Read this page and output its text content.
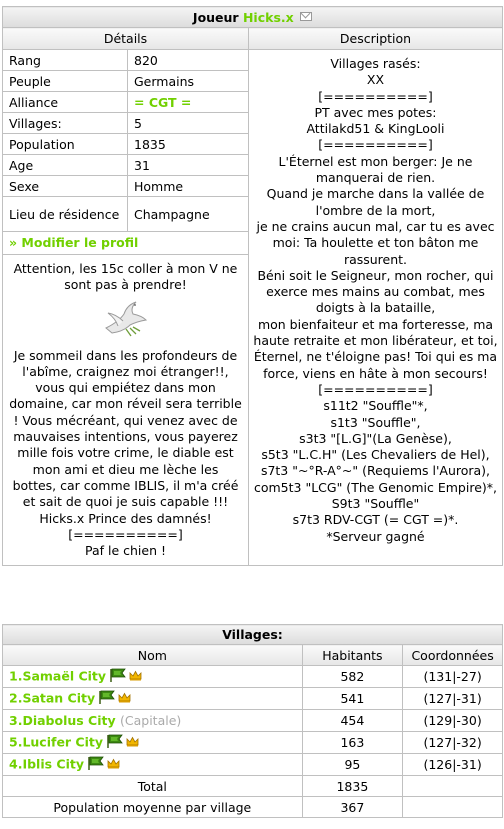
Joueur Hicks.x
Détails	Description

Rang	820
Peuple	Germains
Alliance	= CGT =
Villages:	5
Population	1835
Age	31
Sexe	Homme
Lieu de résidence	Champagne
» Modifier le profil
Attention, les 15c coller à mon V ne sont pas à prendre!
Je sommeil dans les profondeurs de l'abîme, craignez moi étranger!!, vous qui empiétez dans mon domaine, car mon réveil sera terrible ! Vous mécréant, qui venez avec de mauvaises intentions, vous payerez mille fois votre crime, le diable est mon ami et dieu me lèche les bottes, car comme IBLIS, il m'a créé et sait de quoi je suis capable !!!
Hicks.x Prince des damnés!
[==========]
Paf le chien !

Villages rasés:
XX
[==========]
PT avec mes potes:
Attilakd51 & KingLooli
[==========]
L'Éternel est mon berger: Je ne manquerai de rien.
Quand je marche dans la vallée de l'ombre de la mort,
je ne crains aucun mal, car tu es avec moi: Ta houlette et ton bâton me rassurent.
Béni soit le Seigneur, mon rocher, qui exerce mes mains au combat, mes doigts à la bataille,
mon bienfaiteur et ma forteresse, ma haute retraite et mon libérateur, et toi, Éternel, ne t'éloigne pas! Toi qui es ma force, viens en hâte à mon secours!
[==========]
s11t2 "Souffle"*,
s1t3 "Souffle",
s3t3 "[L.G]"(La Genèse),
s5t3 "L.C.H" (Les Chevaliers de Hel),
s7t3 "~°R-A°~" (Requiems l'Aurora),
com5t3 "LCG" (The Genomic Empire)*,
S9t3 "Souffle"
s7t3 RDV-CGT (= CGT =)*.
*Serveur gagné
Villages:		
Nom	Habitants	Coordonnées
1.Samaël City	582	(131|-27)
2.Satan City	541	(127|-31)
3.Diabolus City (Capitale)	454	(129|-30)
5.Lucifer City	163	(127|-32)
4.Iblis City	95	(126|-31)
Total	1835	
Population moyenne par village	367	
